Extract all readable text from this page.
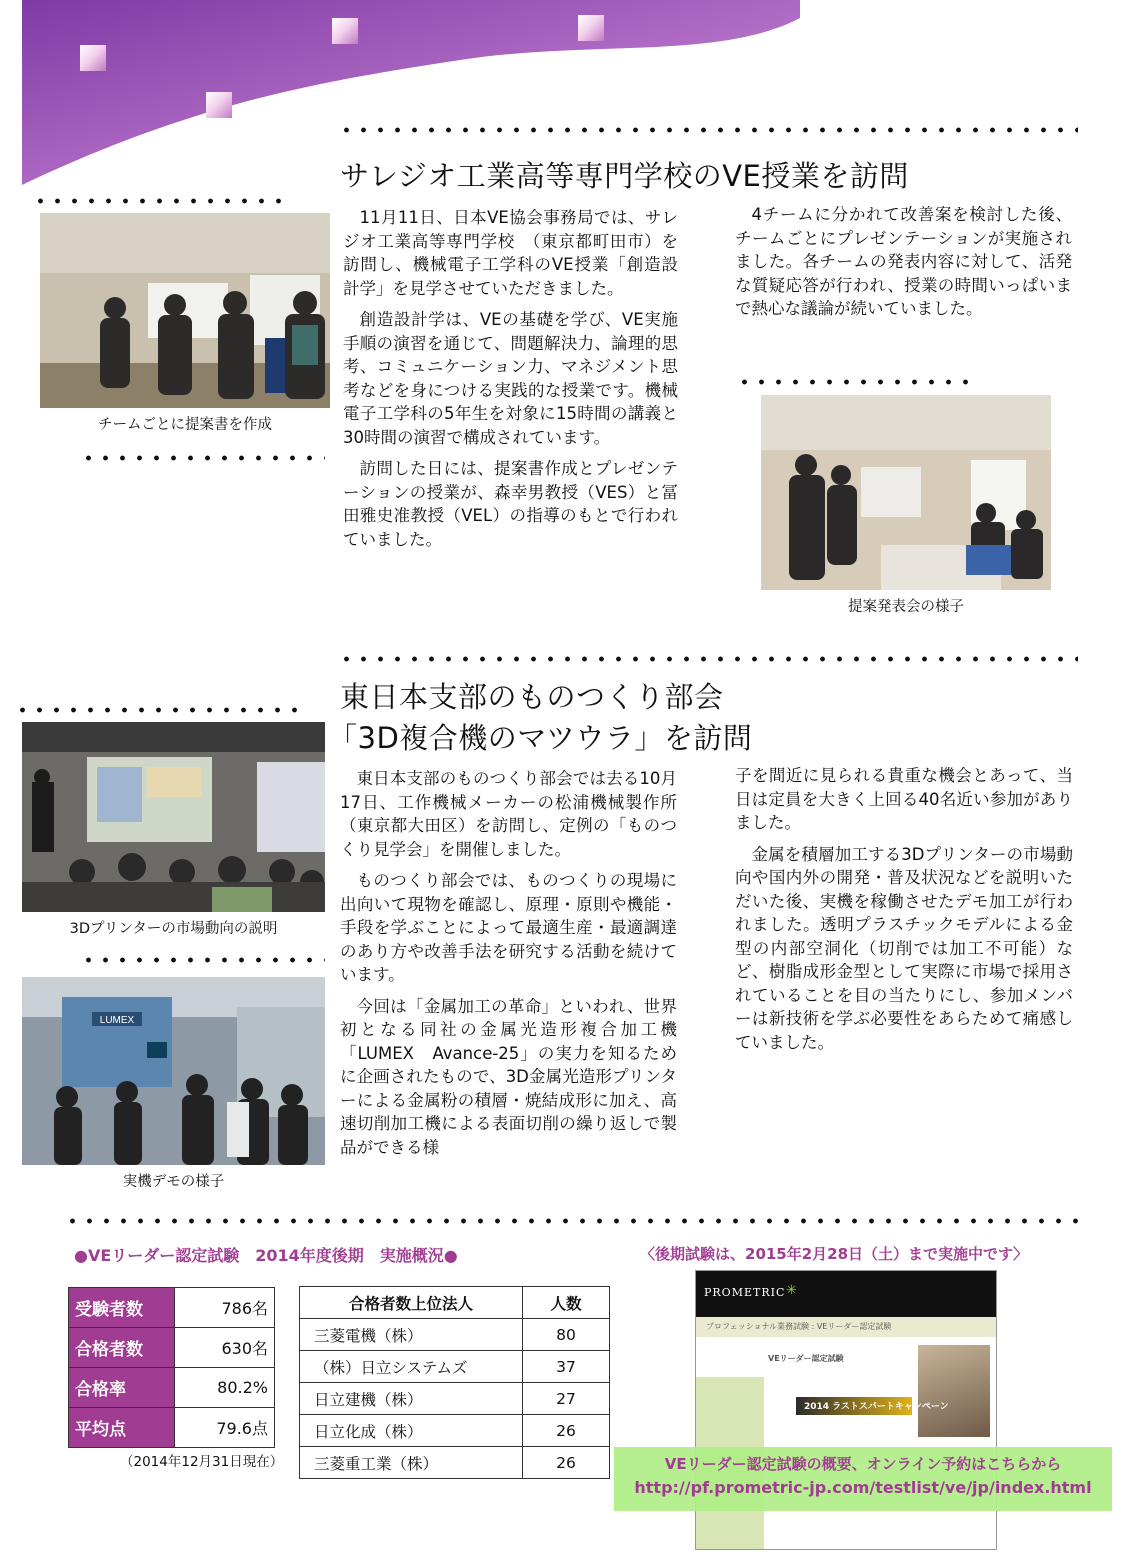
サレジオ工業高等専門学校のVE授業を訪問
チームごとに提案書を作成

11月11日、日本VE協会事務局では、サレジオ工業高等専門学校　（東京都町田市）を訪問し、機械電子工学科のVE授業「創造設計学」を見学させていただきました。

創造設計学は、VEの基礎を学び、VE実施手順の演習を通じて、問題解決力、論理的思考、コミュニケーション力、マネジメント思考などを身につける実践的な授業です。機械電子工学科の5年生を対象に15時間の講義と30時間の演習で構成されています。

訪問した日には、提案書作成とプレゼンテーションの授業が、森幸男教授（VES）と冨田雅史准教授（VEL）の指導のもとで行われていました。

4チームに分かれて改善案を検討した後、チームごとにプレゼンテーションが実施されました。各チームの発表内容に対して、活発な質疑応答が行われ、授業の時間いっぱいまで熱心な議論が続いていました。

提案発表会の様子
東日本支部のものつくり部会
「3D複合機のマツウラ」を訪問
3Dプリンターの市場動向の説明
LUMEX
実機デモの様子

東日本支部のものつくり部会では去る10月17日、工作機械メーカーの松浦機械製作所（東京都大田区）を訪問し、定例の「ものつくり見学会」を開催しました。

ものつくり部会では、ものつくりの現場に出向いて現物を確認し、原理・原則や機能・手段を学ぶことによって最適生産・最適調達のあり方や改善手法を研究する活動を続けています。

今回は「金属加工の革命」といわれ、世界初となる同社の金属光造形複合加工機「LUMEX　Avance-25」の実力を知るために企画されたもので、3D金属光造形プリンターによる金属粉の積層・焼結成形に加え、高速切削加工機による表面切削の繰り返しで製品ができる様

子を間近に見られる貴重な機会とあって、当日は定員を大きく上回る40名近い参加がありました。

金属を積層加工する3Dプリンターの市場動向や国内外の開発・普及状況などを説明いただいた後、実機を稼働させたデモ加工が行われました。透明プラスチックモデルによる金型の内部空洞化（切削では加工不可能）など、樹脂成形金型として実際に市場で採用されていることを目の当たりにし、参加メンバーは新技術を学ぶ必要性をあらためて痛感していました。

●VEリーダー認定試験　2014年度後期　実施概況●	〈後期試験は、2015年2月28日（土）まで実施中です〉
受験者数	786名
合格者数	630名
合格率	80.2%
平均点	79.6点
（2014年12月31日現在）
合格者数上位法人	人数
三菱電機（株）	80
（株）日立システムズ	37
日立建機（株）	27
日立化成（株）	26
三菱重工業（株）	26
PROMETRIC ✳
プロフェッショナル業務試験 : VEリーダー認定試験
VEリーダー認定試験
2014 ラストスパートキャンペーン
VEリーダー認定試験の概要、オンライン予約はこちらから
http://pf.prometric-jp.com/testlist/ve/jp/index.html
